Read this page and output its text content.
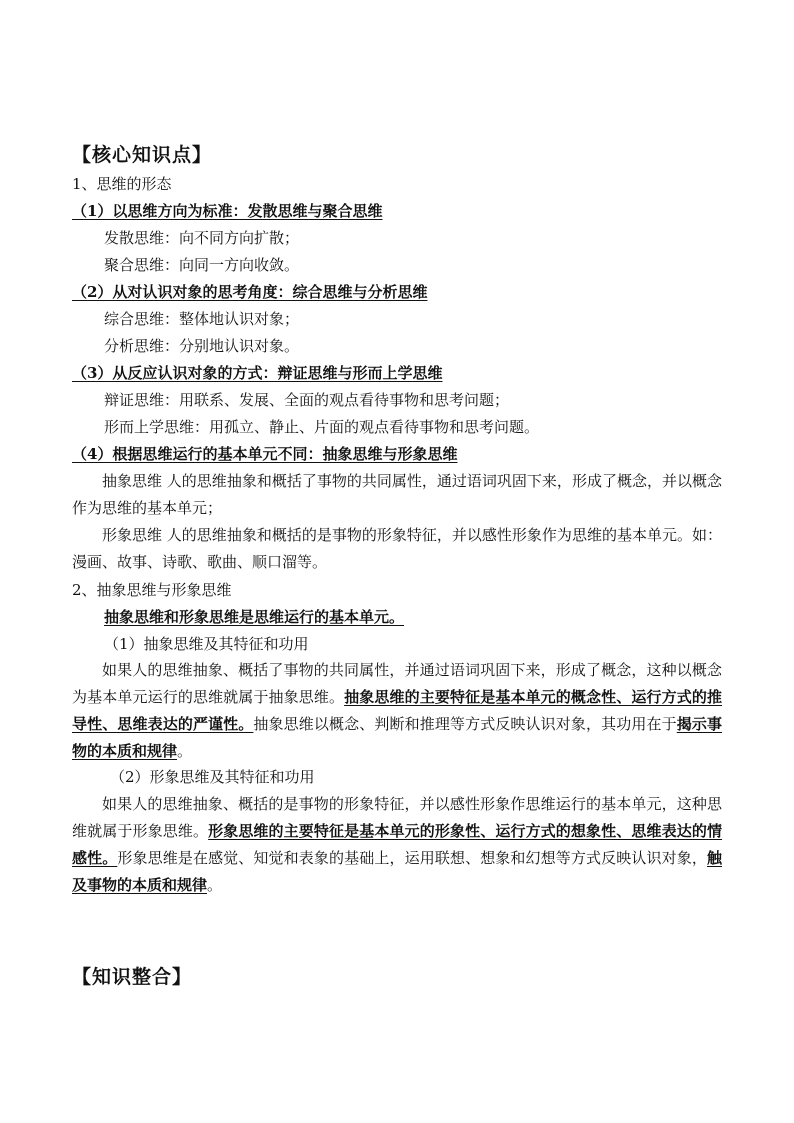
【核心知识点】
1、思维的形态
（1）以思维方向为标准：发散思维与聚合思维
发散思维：向不同方向扩散；
聚合思维：向同一方向收敛。
（2）从对认识对象的思考角度：综合思维与分析思维
综合思维：整体地认识对象；
分析思维：分别地认识对象。
（3）从反应认识对象的方式：辩证思维与形而上学思维
辩证思维：用联系、发展、全面的观点看待事物和思考问题；
形而上学思维：用孤立、静止、片面的观点看待事物和思考问题。
（4）根据思维运行的基本单元不同：抽象思维与形象思维
抽象思维 人的思维抽象和概括了事物的共同属性，通过语词巩固下来，形成了概念，并以概念作为思维的基本单元；
形象思维 人的思维抽象和概括的是事物的形象特征，并以感性形象作为思维的基本单元。如：漫画、故事、诗歌、歌曲、顺口溜等。
2、抽象思维与形象思维
抽象思维和形象思维是思维运行的基本单元。
（1）抽象思维及其特征和功用
如果人的思维抽象、概括了事物的共同属性，并通过语词巩固下来，形成了概念，这种以概念为基本单元运行的思维就属于抽象思维。抽象思维的主要特征是基本单元的概念性、运行方式的推导性、思维表达的严谨性。抽象思维以概念、判断和推理等方式反映认识对象，其功用在于揭示事物的本质和规律。
（2）形象思维及其特征和功用
如果人的思维抽象、概括的是事物的形象特征，并以感性形象作思维运行的基本单元，这种思维就属于形象思维。形象思维的主要特征是基本单元的形象性、运行方式的想象性、思维表达的情感性。形象思维是在感觉、知觉和表象的基础上，运用联想、想象和幻想等方式反映认识对象，触及事物的本质和规律。
【知识整合】
